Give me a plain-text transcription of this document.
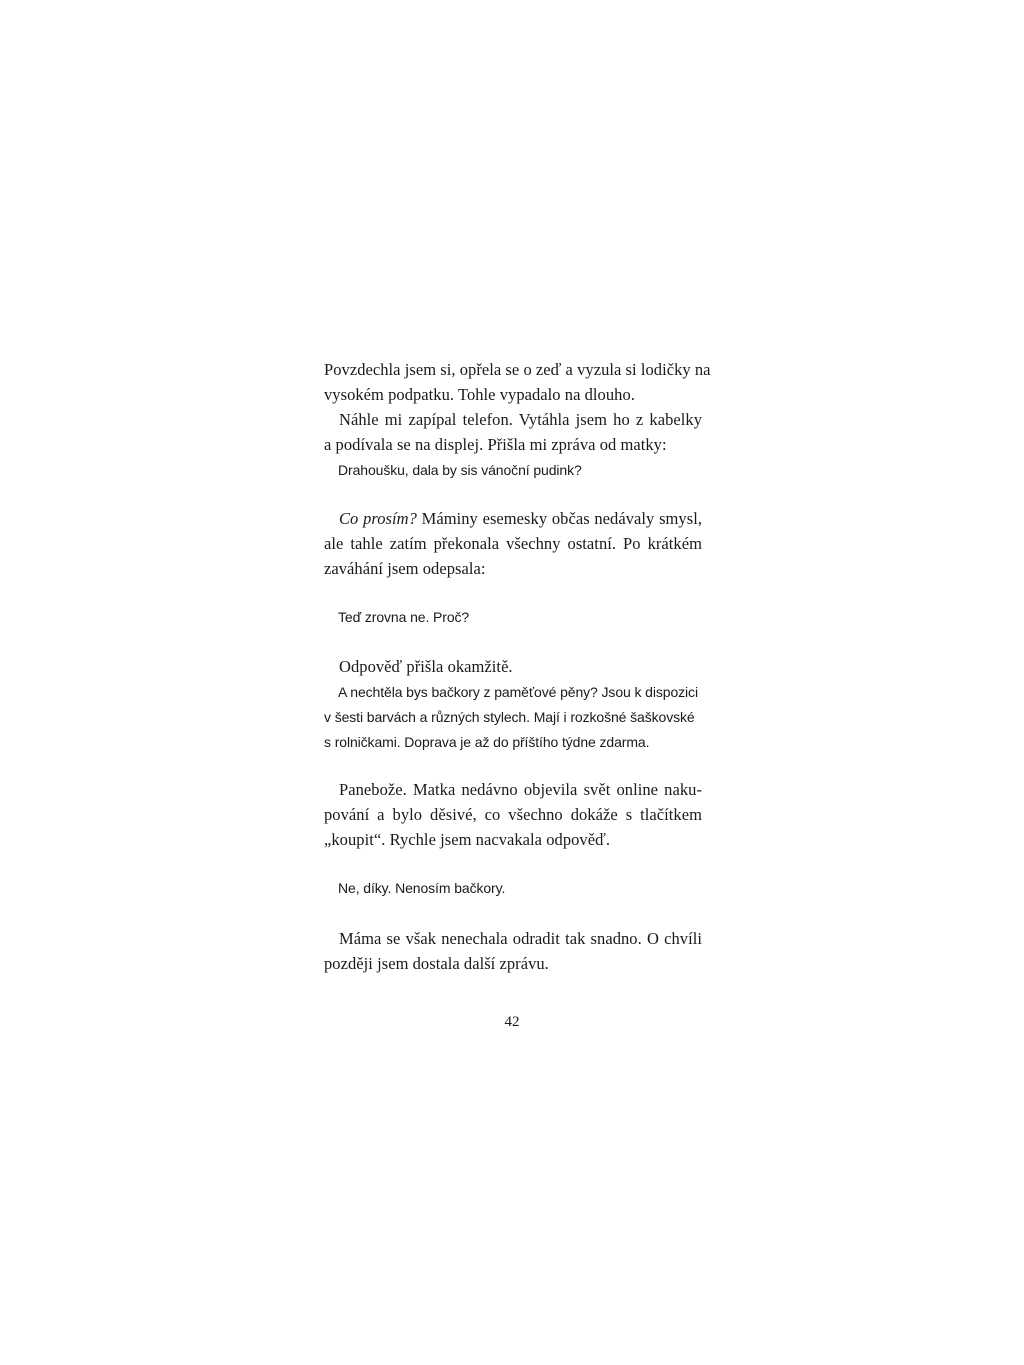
Povzdechla jsem si, opřela se o zeď a vyzula si lodičky na

vysokém podpatku. Tohle vypadalo na dlouho.

Náhle mi zapípal telefon. Vytáhla jsem ho z kabelky

a podívala se na displej. Přišla mi zpráva od matky:

Drahoušku, dala by sis vánoční pudink?

Co prosím? Máminy esemesky občas nedávaly smysl,

ale tahle zatím překonala všechny ostatní. Po krátkém

zaváhání jsem odepsala:

Teď zrovna ne. Proč?

Odpověď přišla okamžitě.

A nechtěla bys bačkory z paměťové pěny? Jsou k dispozici

v šesti barvách a různých stylech. Mají i rozkošné šaškovské

s rolničkami. Doprava je až do příštího týdne zdarma.

Panebože. Matka nedávno objevila svět online naku-

pování a bylo děsivé, co všechno dokáže s tlačítkem

„koupit“. Rychle jsem nacvakala odpověď.

Ne, díky. Nenosím bačkory.

Máma se však nenechala odradit tak snadno. O chvíli

později jsem dostala další zprávu.

42
